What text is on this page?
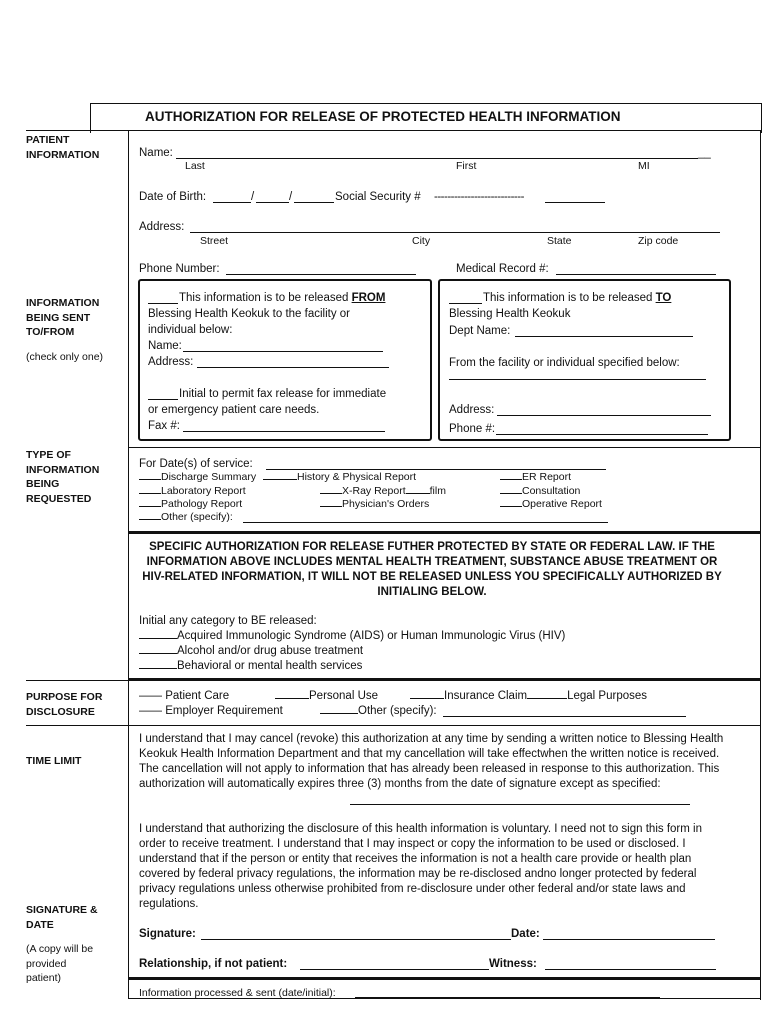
AUTHORIZATION FOR RELEASE OF PROTECTED HEALTH INFORMATION
PATIENT
INFORMATION
INFORMATION
BEING SENT
TO/FROM
(check only one)
TYPE OF
INFORMATION
BEING
REQUESTED
PURPOSE FOR
DISCLOSURE
TIME LIMIT
SIGNATURE &
DATE
(A copy will be
provided
patient)
Name:	__
Last	First	MI
Date of Birth:	/	/	Social Security # ---------------------------
Address:
Street	City	State	Zip code
Phone Number:	Medical Record #:
This information is to be released FROM
Blessing Health Keokuk to the facility or
individual below:
Name:
Address:
Initial to permit fax release for immediate
or emergency patient care needs.
Fax #:
This information is to be released TO
Blessing Health Keokuk
Dept Name:
From the facility or individual specified below:
Address:
Phone #:
For Date(s) of service:
Discharge Summary	History & Physical Report	ER Report
Laboratory Report	X-Ray Report film	Consultation
Pathology Report	Physician's Orders	Operative Report
Other (specify):
SPECIFIC AUTHORIZATION FOR RELEASE FUTHER PROTECTED BY STATE OR FEDERAL LAW. IF THE INFORMATION ABOVE INCLUDES MENTAL HEALTH TREATMENT, SUBSTANCE ABUSE TREATMENT OR HIV-RELATED INFORMATION, IT WILL NOT BE RELEASED UNLESS YOU SPECIFICALLY AUTHORIZED BY INITIALING BELOW.
Initial any category to BE released:
Acquired Immunologic Syndrome (AIDS) or Human Immunologic Virus (HIV)
Alcohol and/or drug abuse treatment
Behavioral or mental health services
—— Patient Care	Personal Use	Insurance Claim	Legal Purposes
—— Employer Requirement	Other (specify):
I understand that I may cancel (revoke) this authorization at any time by sending a written notice to Blessing Health Keokuk Health Information Department and that my cancellation will take effectwhen the written notice is received. The cancellation will not apply to information that has already been released in response to this authorization. This authorization will automatically expires three (3) months from the date of signature except as specified:
I understand that authorizing the disclosure of this health information is voluntary. I need not to sign this form in order to receive treatment. I understand that I may inspect or copy the information to be used or disclosed. I understand that if the person or entity that receives the information is not a health care provide or health plan covered by federal privacy regulations, the information may be re-disclosed andno longer protected by federal privacy regulations unless otherwise prohibited from re-disclosure under other federal and/or state laws and regulations.
Signature:	Date:
Relationship, if not patient:	Witness:
Information processed & sent (date/initial):
